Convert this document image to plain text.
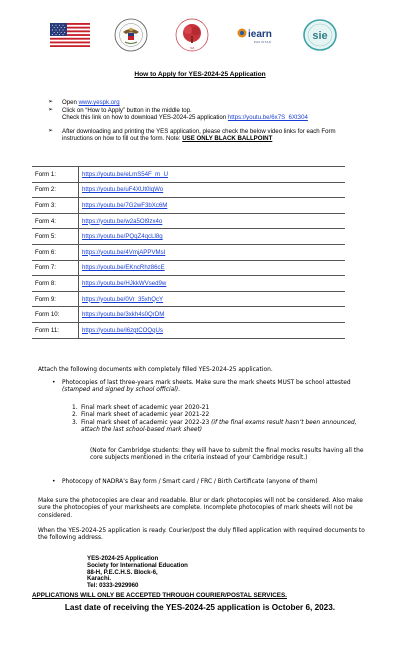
YES
iearn
PAKISTAN
sie
How to Apply for YES-2024-25 Application
➢ Open www.yespk.org
➢ Click on “How to Apply” button in the middle top.
Check this link on how to download YES-2024-25 application https://youtu.be/6x7S_6Xt304
➢ After downloading and printing the YES application, please check the below video links for each Form instructions on how to fill out the form. Note: USE ONLY BLACK BALLPOINT
Form 1:	https://youtu.be/eLmS54F_m_U
Form 2:	https://youtu.be/uF4XUt0lqWo
Form 3:	https://youtu.be/7G2wF3bXc6M
Form 4:	https://youtu.be/w2a5Ol9zx4o
Form 5:	https://youtu.be/PQqZ4qcLl8g
Form 6:	https://youtu.be/4VmjAPPVMsI
Form 7:	https://youtu.be/EKncRhz86cE
Form 8:	https://youtu.be/HJkkWVsed9w
Form 9:	https://youtu.be/0Vr_35xhQcY
Form 10:	https://youtu.be/3xkh4s0QrDM
Form 11:	https://youtu.be/l6zgtCOQqUs
Attach the following documents with completely filled YES-2024-25 application.
•	Photocopies of last three-years mark sheets. Make sure the mark sheets MUST be school attested (stamped and signed by school official).
1. Final mark sheet of academic year 2020-21
2. Final mark sheet of academic year 2021-22
3. Final mark sheet of academic year 2022-23 (if the final exams result hasn’t been announced, attach the last school-based mark sheet)
(Note for Cambridge students: they will have to submit the final mocks results having all the core subjects mentioned in the criteria instead of your Cambridge result.)
•	Photocopy of NADRA’s Bay form / Smart card / FRC / Birth Certificate (anyone of them)
Make sure the photocopies are clear and readable. Blur or dark photocopies will not be considered. Also make sure the photocopies of your marksheets are complete. Incomplete photocopies of mark sheets will not be considered.
When the YES-2024-25 application is ready. Courier/post the duly filled application with required documents to the following address.
YES-2024-25 Application
Society for International Education
88-H, P.E.C.H.S. Block-6,
Karachi.
Tel: 0333-2929960
APPLICATIONS WILL ONLY BE ACCEPTED THROUGH COURIER/POSTAL SERVICES.
Last date of receiving the YES-2024-25 application is October 6, 2023.
